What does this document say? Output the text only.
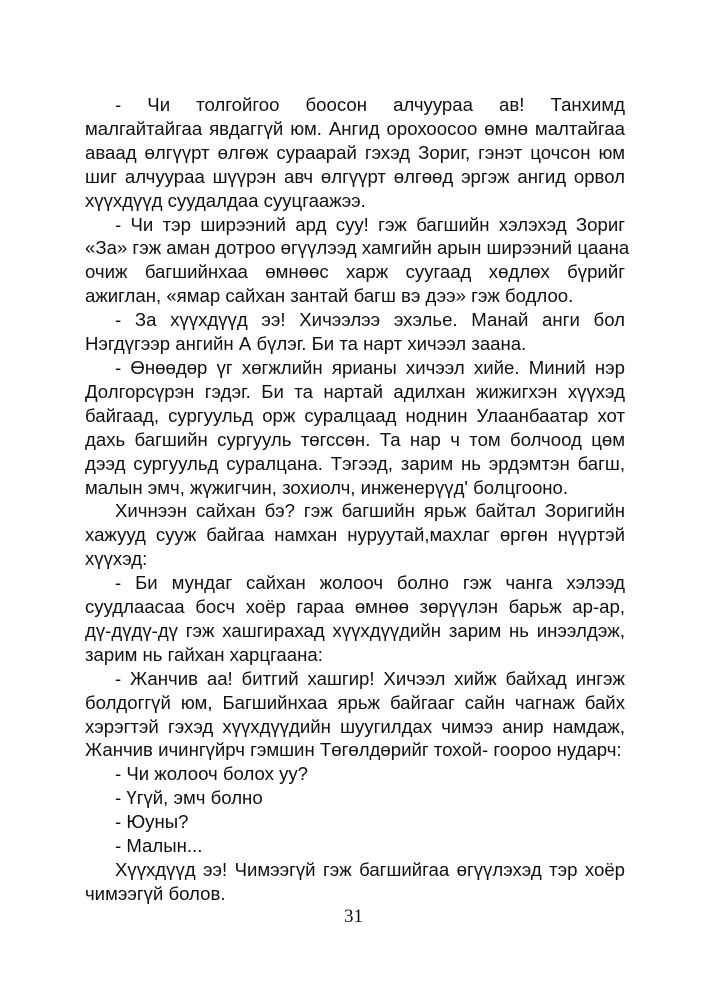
- Чи толгойгоо боосон алчуураа ав! Танхимд
малгайтайгаа явдаггүй юм. Ангид орохоосоо өмнө малтайгаа
аваад өлгүүрт өлгөж сураарай гэхэд Зориг, гэнэт цочсон юм
шиг алчуураа шүүрэн авч өлгүүрт өлгөөд эргэж ангид орвол
хүүхдүүд суудалдаа сууцгаажээ.
- Чи тэр ширээний ард суу! гэж багшийн хэлэхэд Зориг
«За» гэж аман дотроо өгүүлээд хамгийн арын ширээний цаана
очиж багшийнхаа өмнөөс харж суугаад хөдлөх бүрийг
ажиглан, «ямар сайхан зантай багш вэ дээ» гэж бодлоо.
- За хүүхдүүд ээ! Хичээлээ эхэлье. Манай анги бол
Нэгдүгээр ангийн А бүлэг. Би та нарт хичээл заана.
- Өнөөдөр үг хөгжлийн ярианы хичээл хийе. Миний нэр
Долгорсүрэн гэдэг. Би та нартай адилхан жижигхэн хүүхэд
байгаад, сургуульд орж суралцаад ноднин Улаанбаатар хот
дахь багшийн сургууль төгссөн. Та нар ч том болчоод цөм
дээд сургуульд суралцана. Тэгээд, зарим нь эрдэмтэн багш,
малын эмч, жүжигчин, зохиолч, инженерүүд' болцгооно.
Хичнээн сайхан бэ? гэж багшийн ярьж байтал Зоригийн
хажууд сууж байгаа намхан нуруутай,махлаг өргөн нүүртэй
хүүхэд:
- Би мундаг сайхан жолооч болно гэж чанга хэлээд
суудлаасаа босч хоёр гараа өмнөө зөрүүлэн барьж ар-ар,
дү-дүдү-дү гэж хашгирахад хүүхдүүдийн зарим нь инээлдэж,
зарим нь гайхан харцгаана:
- Жанчив аа! битгий хашгир! Хичээл хийж байхад ингэж
болдоггүй юм, Багшийнхаа ярьж байгааг сайн чагнаж байх
хэрэгтэй гэхэд хүүхдүүдийн шуугилдах чимээ анир намдаж,
Жанчив ичингүйрч гэмшин Төгөлдөрийг тохой- гоороо нударч:
- Чи жолооч болох уу?
- Үгүй, эмч болно
- Юуны?
- Малын...
Хүүхдүүд ээ! Чимээгүй гэж багшийгаа өгүүлэхэд тэр хоёр
чимээгүй болов.
31
